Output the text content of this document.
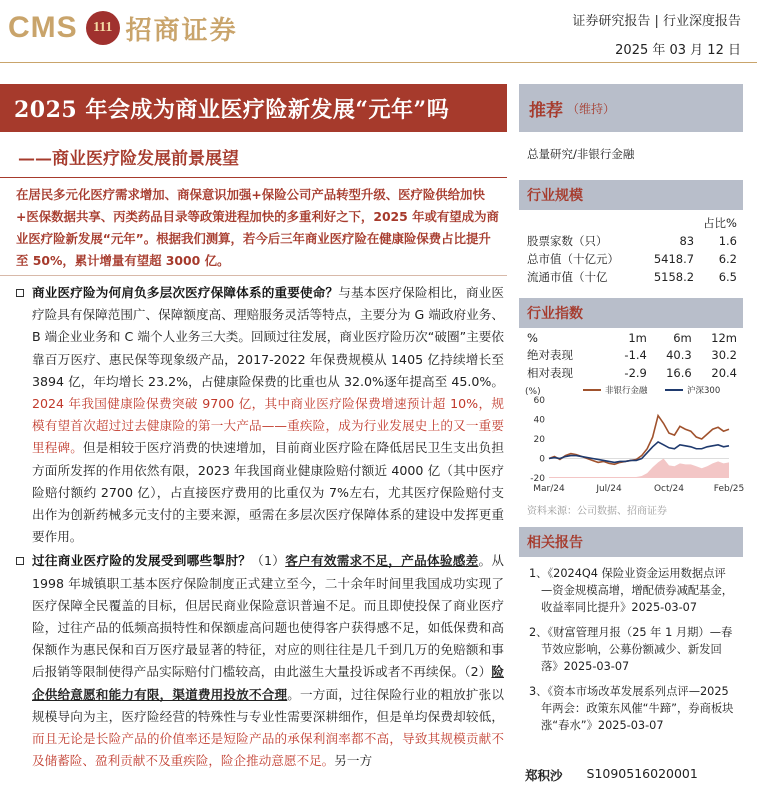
CMS	111 招商证券	证券研究报告 | 行业深度报告
2025 年 03 月 12 日
2025 年会成为商业医疗险新发展“元年”吗
——商业医疗险发展前景展望
在居民多元化医疗需求增加、商保意识加强+保险公司产品转型升级、医疗险供给加快+医保数据共享、丙类药品目录等政策进程加快的多重利好之下，2025 年或有望成为商业医疗险新发展“元年”。根据我们测算，若今后三年商业医疗险在健康险保费占比提升至 50%，累计增量有望超 3000 亿。
商业医疗险为何肩负多层次医疗保障体系的重要使命？与基本医疗保险相比，商业医疗险具有保障范围广、保障额度高、理赔服务灵活等特点，主要分为 G 端政府业务、B 端企业业务和 C 端个人业务三大类。回顾过往发展，商业医疗险历次“破圈”主要依靠百万医疗、惠民保等现象级产品，2017-2022 年保费规模从 1405 亿持续增长至 3894 亿，年均增长 23.2%，占健康险保费的比重也从 32.0%逐年提高至 45.0%。2024 年我国健康险保费突破 9700 亿，其中商业医疗险保费增速预计超 10%，规模有望首次超过过去健康险的第一大产品——重疾险，成为行业发展史上的又一重要里程碑。但是相较于医疗消费的快速增加，目前商业医疗险在降低居民卫生支出负担方面所发挥的作用依然有限，2023 年我国商业健康险赔付额近 4000 亿（其中医疗险赔付额约 2700 亿），占直接医疗费用的比重仅为 7%左右，尤其医疗保险赔付支出作为创新药械多元支付的主要来源，亟需在多层次医疗保障体系的建设中发挥更重要作用。
过往商业医疗险的发展受到哪些掣肘？（1）客户有效需求不足，产品体验感差。从 1998 年城镇职工基本医疗保险制度正式建立至今，二十余年时间里我国成功实现了医疗保障全民覆盖的目标，但居民商业保险意识普遍不足。而且即使投保了商业医疗险，过往产品的低频高损特性和保额虚高问题也使得客户获得感不足，如低保费和高保额作为惠民保和百万医疗最显著的特征，对应的则往往是几千到几万的免赔额和事后报销等限制使得产品实际赔付门槛较高，由此滋生大量投诉或者不再续保。（2）险企供给意愿和能力有限，渠道费用投放不合理。一方面，过往保险行业的粗放扩张以规模导向为主，医疗险经营的特殊性与专业性需要深耕细作，但是单均保费却较低，而且无论是长险产品的价值率还是短险产品的承保利润率都不高，导致其规模贡献不及储蓄险、盈利贡献不及重疾险，险企推动意愿不足。另一方
推荐 （维持）
总量研究/非银行金融
行业规模
		占比%
股票家数（只）	83	1.6
总市值（十亿元）	5418.7	6.2
流通市值（十亿	5158.2	6.5
行业指数
%	1m	6m	12m
绝对表现	-1.4	40.3	30.2
相对表现	-2.9	16.6	20.4
(%)
-20
0
20
40
60
非银行金融	沪深300
Mar/24	Jul/24	Oct/24	Feb/25
资料来源：公司数据、招商证券
相关报告
1、《2024Q4 保险业资金运用数据点评—资金规模高增，增配债券减配基金，收益率同比提升》2025-03-07
2、《财富管理月报（25 年 1 月期）—春节效应影响，公募份额减少、新发回落》2025-03-07
3、《资本市场改革发展系列点评—2025 年两会：政策东风催“牛蹄”，券商板块涨“春水”》2025-03-07
郑积沙 S1090516020001
